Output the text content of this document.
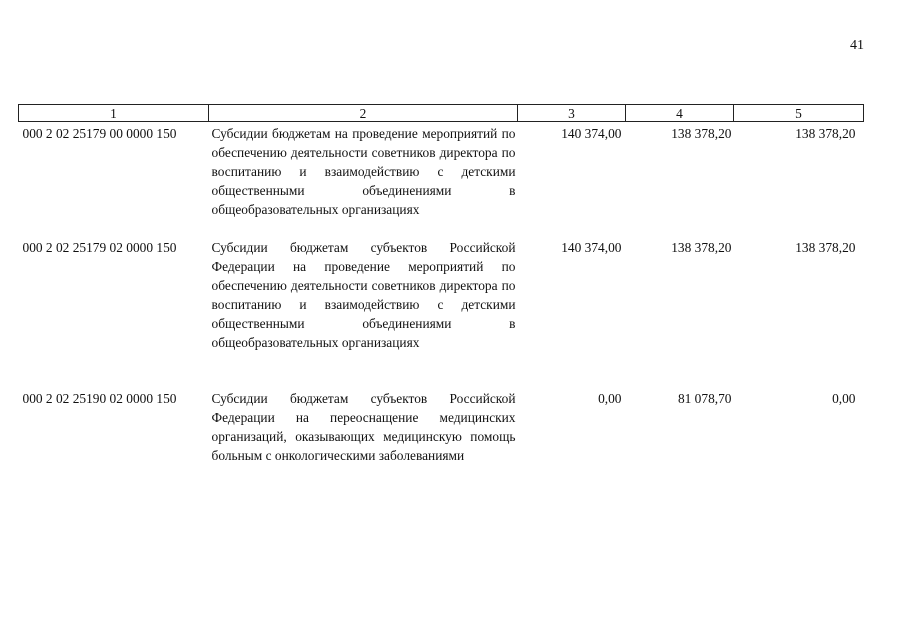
41
1	2	3	4	5
000 2 02 25179 00 0000 150	Субсидии бюджетам на проведение мероприятий по обеспечению деятельности советников директора по воспитанию и взаимодействию с детскими общественными объединениями в общеобразовательных организациях	140 374,00	138 378,20	138 378,20
000 2 02 25179 02 0000 150	Субсидии бюджетам субъектов Российской Федерации на проведение мероприятий по обеспечению деятельности советников директора по воспитанию и взаимодействию с детскими общественными объединениями в общеобразовательных организациях	140 374,00	138 378,20	138 378,20
000 2 02 25190 02 0000 150	Субсидии бюджетам субъектов Российской Федерации на переоснащение медицинских организаций, оказывающих медицинскую помощь больным с онкологическими заболеваниями	0,00	81 078,70	0,00
